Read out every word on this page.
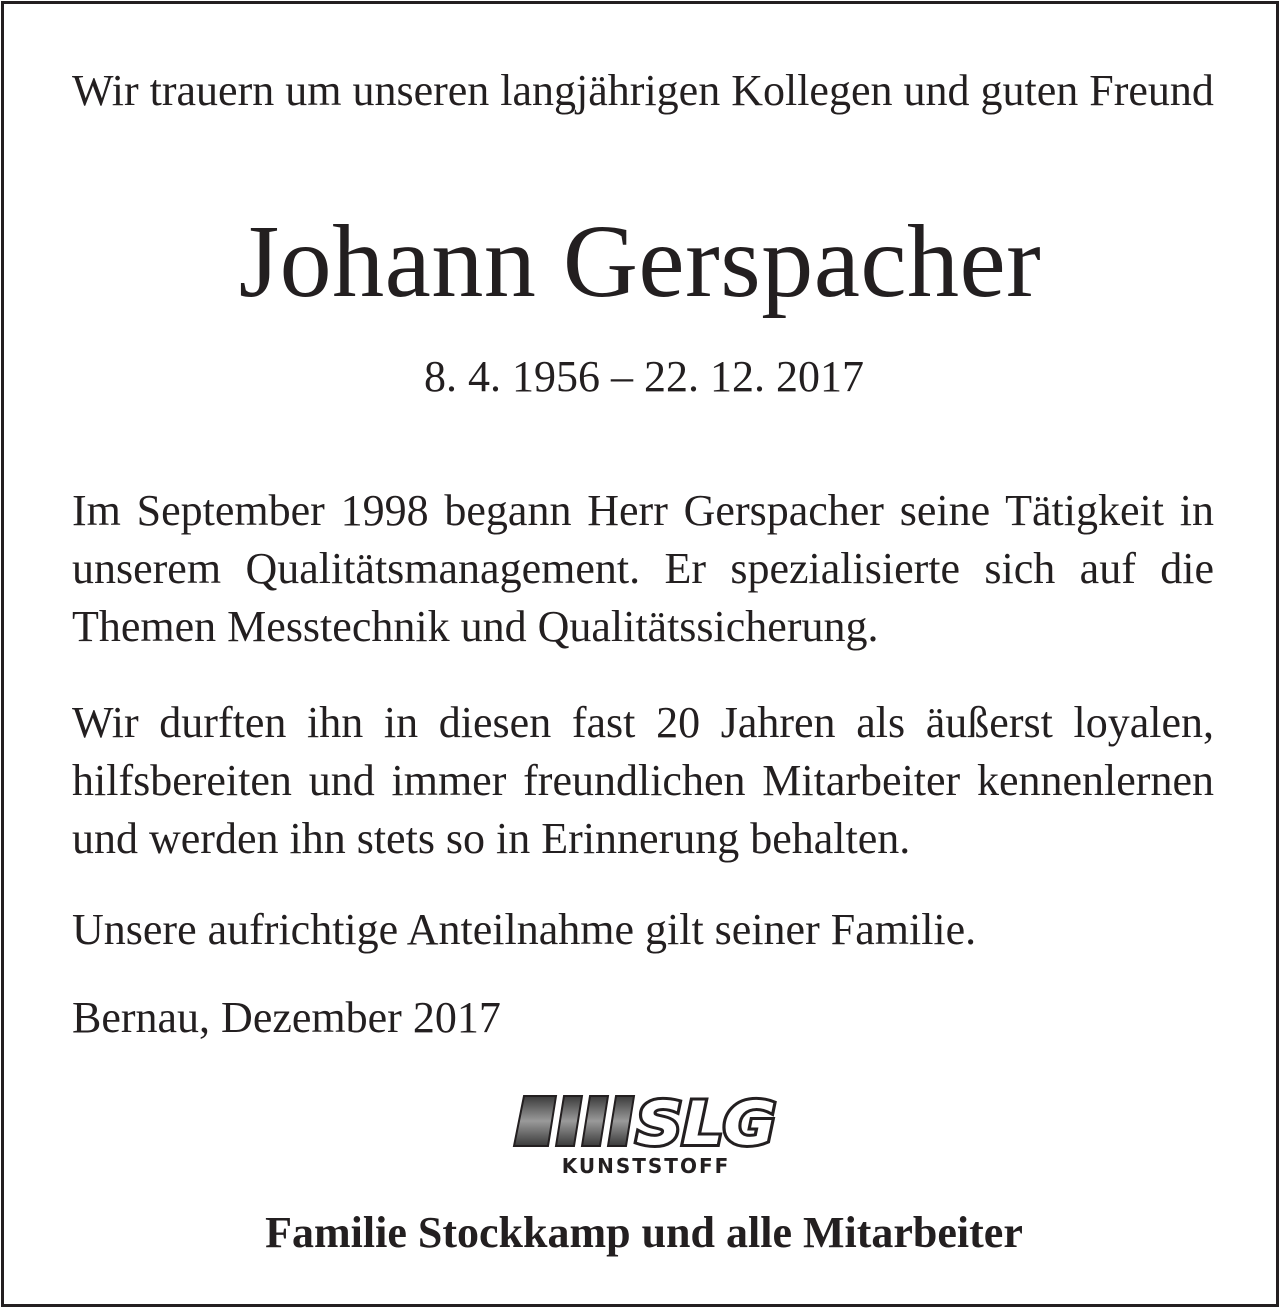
Wir trauern um unseren langjährigen Kollegen und guten Freund

Johann Gerspacher

8. 4. 1956 – 22. 12. 2017

Im September 1998 begann Herr Gerspacher seine Tätigkeit in unserem Qualitätsmanagement. Er spezialisierte sich auf die Themen Messtechnik und Qualitätssicherung.

Wir durften ihn in diesen fast 20 Jahren als äußerst loyalen, hilfsbereiten und immer freundlichen Mitarbeiter kennenlernen und werden ihn stets so in Erinnerung behalten.

Unsere aufrichtige Anteilnahme gilt seiner Familie.

Bernau, Dezember 2017

SLG
KUNSTSTOFF

Familie Stockkamp und alle Mitarbeiter
